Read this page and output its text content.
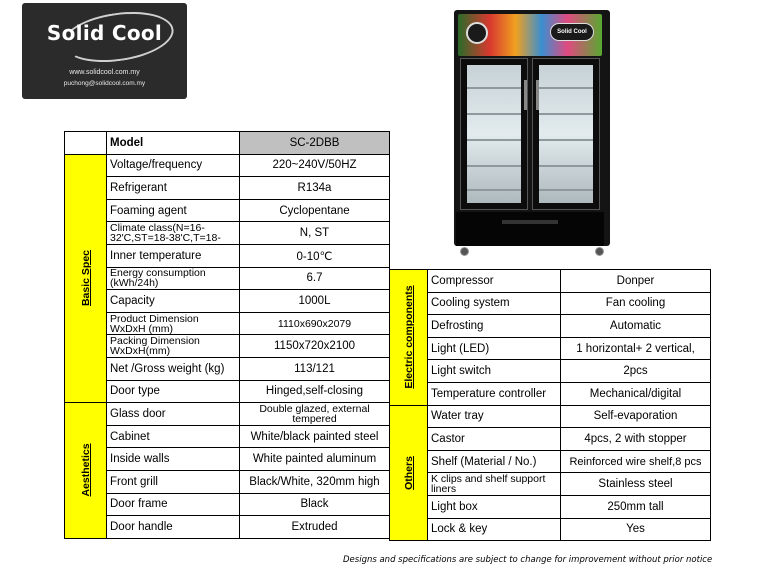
Solid Cool
www.solidcool.com.my
puchong@solidcool.com.my
Solid Cool
	Model	SC-2DBB

Basic Spec	Voltage/frequency	220~240V/50HZ
	Refrigerant	R134a
	Foaming agent	Cyclopentane
	Climate class(N=16-32'C,ST=18-38'C,T=18-	N, ST
	Inner temperature	0-10℃
	Energy consumption (kWh/24h)	6.7
	Capacity	1000L
	Product Dimension WxDxH (mm)	1110x690x2079
	Packing Dimension WxDxH(mm)	1150x720x2100
	Net /Gross weight (kg)	113/121
	Door type	Hinged,self-closing

Aesthetics	Glass door	Double glazed, external tempered
	Cabinet	White/black painted steel
	Inside walls	White painted aluminum
	Front grill	Black/White, 320mm high
	Door frame	Black
	Door handle	Extruded
Electric components	Compressor	Donper
	Cooling system	Fan cooling
	Defrosting	Automatic
	Light (LED)	1 horizontal+ 2 vertical,
	Light switch	2pcs
	Temperature controller	Mechanical/digital

Others	Water tray	Self-evaporation
	Castor	4pcs, 2 with stopper
	Shelf (Material / No.)	Reinforced wire shelf,8 pcs
	K clips and shelf support liners	Stainless steel
	Light box	250mm tall
	Lock & key	Yes
Designs and specifications are subject to change for improvement without prior notice
